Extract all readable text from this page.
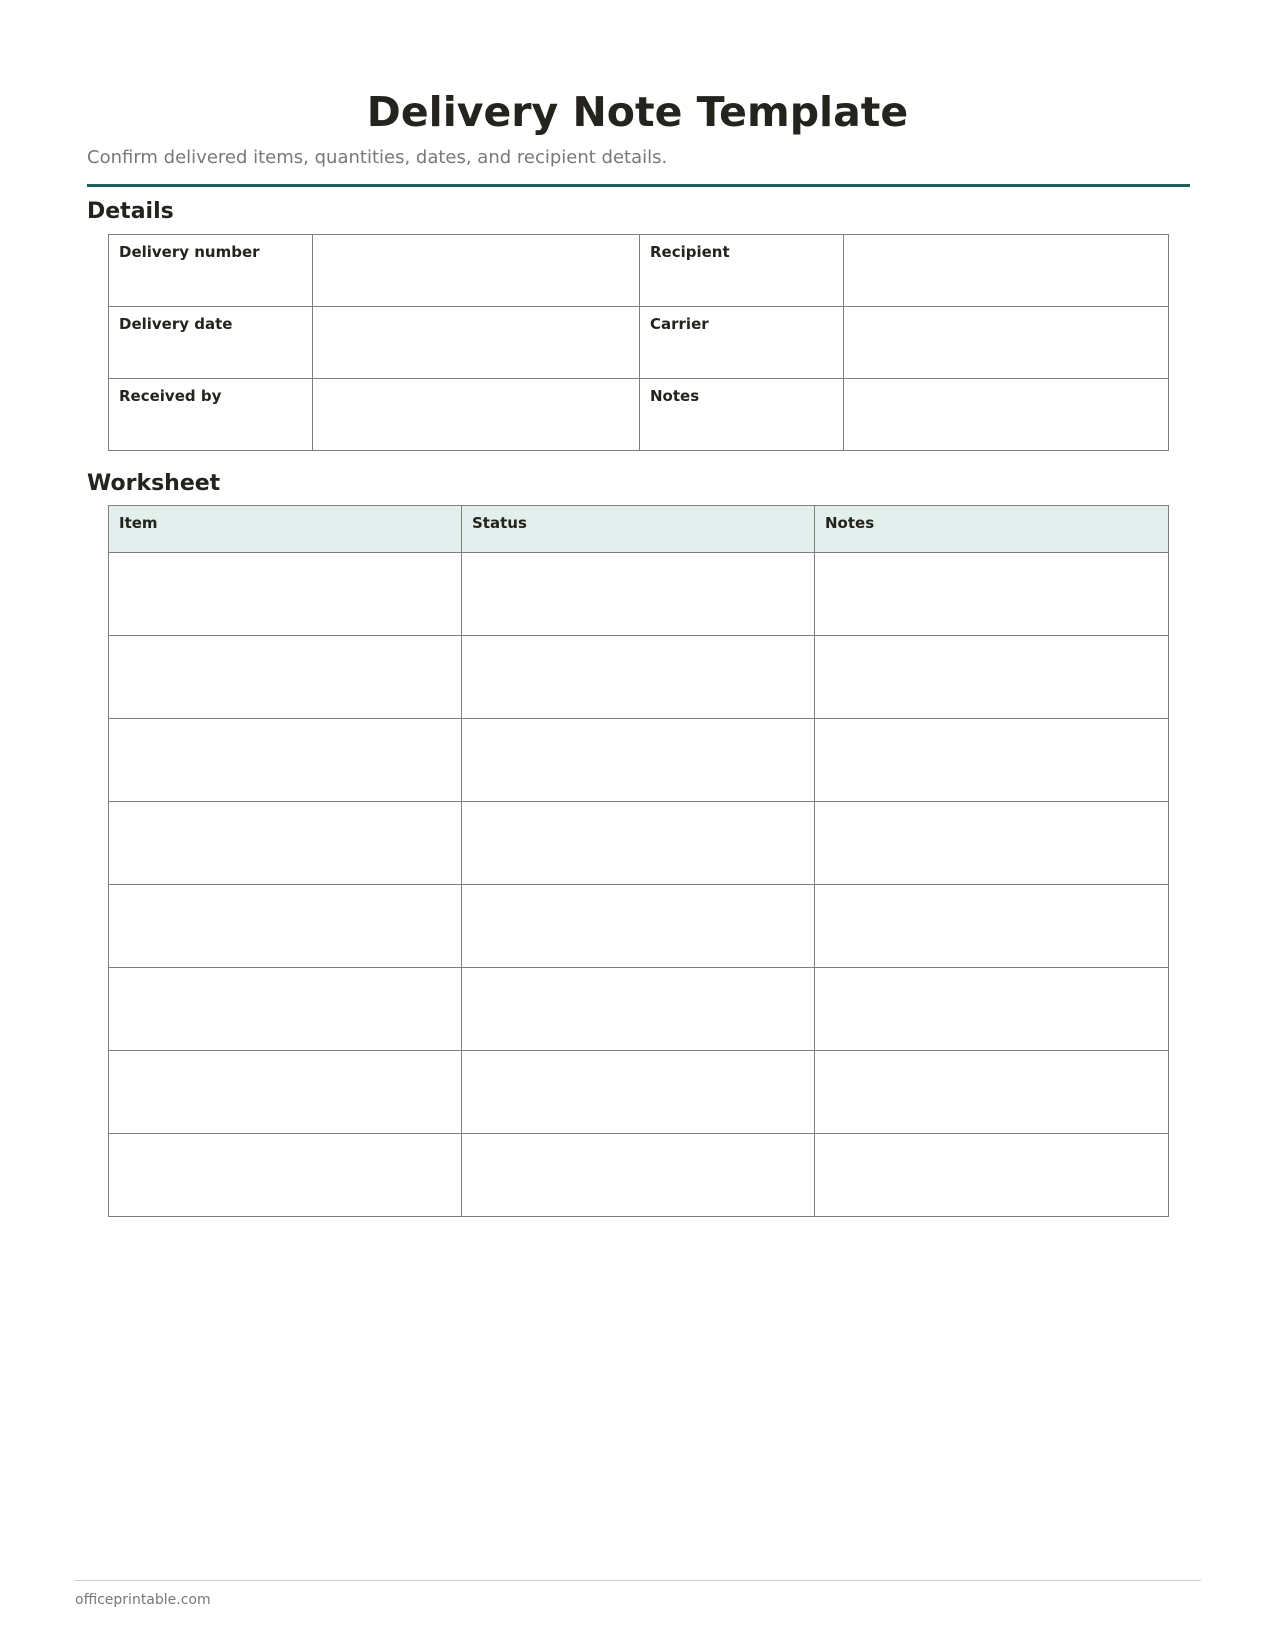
Delivery Note Template

Confirm delivered items, quantities, dates, and recipient details.

Details
Delivery number		Recipient	
Delivery date		Carrier	
Received by		Notes	
Worksheet
Item	Status	Notes

officeprintable.com
